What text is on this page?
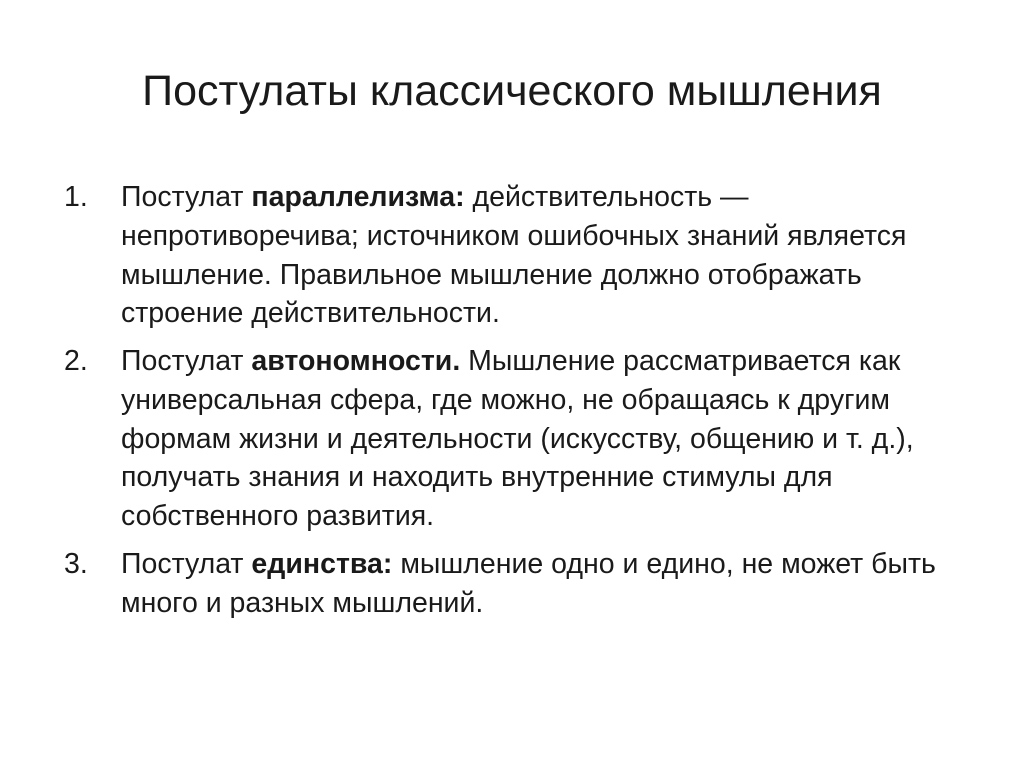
Постулаты классического мышления
1. Постулат параллелизма: действительность — непротиворечива; источником ошибочных знаний является мышление. Правильное мышление должно отображать строение действительности.
2. Постулат автономности. Мышление рассматривается как универсальная сфера, где можно, не обращаясь к другим формам жизни и деятельности (искусству, общению и т. д.), получать знания и находить внутренние стимулы для собственного развития.
3. Постулат единства: мышление одно и едино, не может быть много и разных мышлений.
